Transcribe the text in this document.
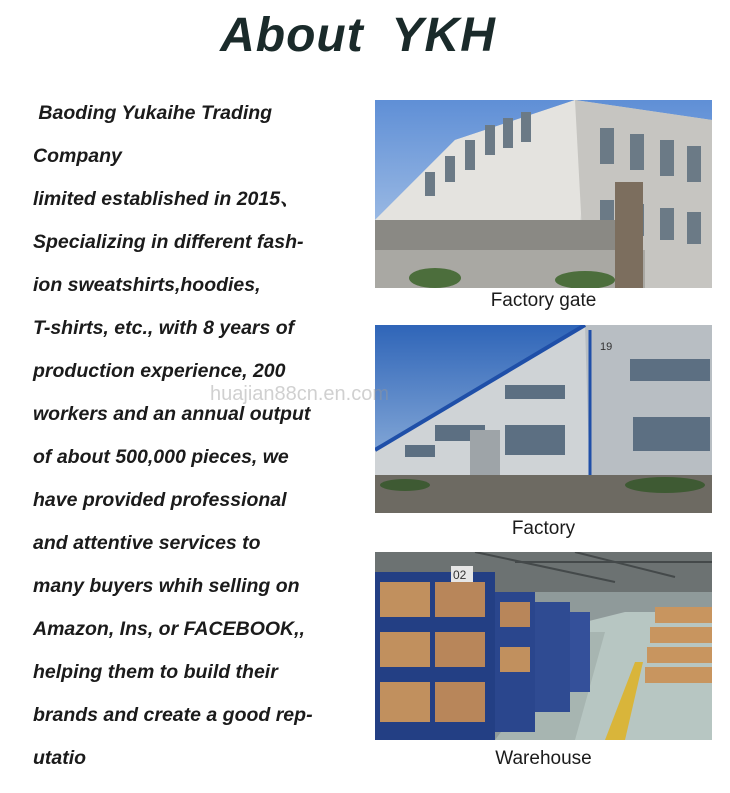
About  YKH
Baoding Yukaihe Trading
Company
limited established in 2015、
Specializing in different fash-
ion sweatshirts,hoodies,
T-shirts, etc., with 8 years of
production experience, 200
workers and an annual output
of about 500,000 pieces, we
have provided professional
and attentive services to
many buyers whih selling on
Amazon, Ins, or FACEBOOK,,
helping them to build their
brands and create a good rep-
utatio
Factory gate
19
Factory
02
Warehouse
huajian88cn.en.com
